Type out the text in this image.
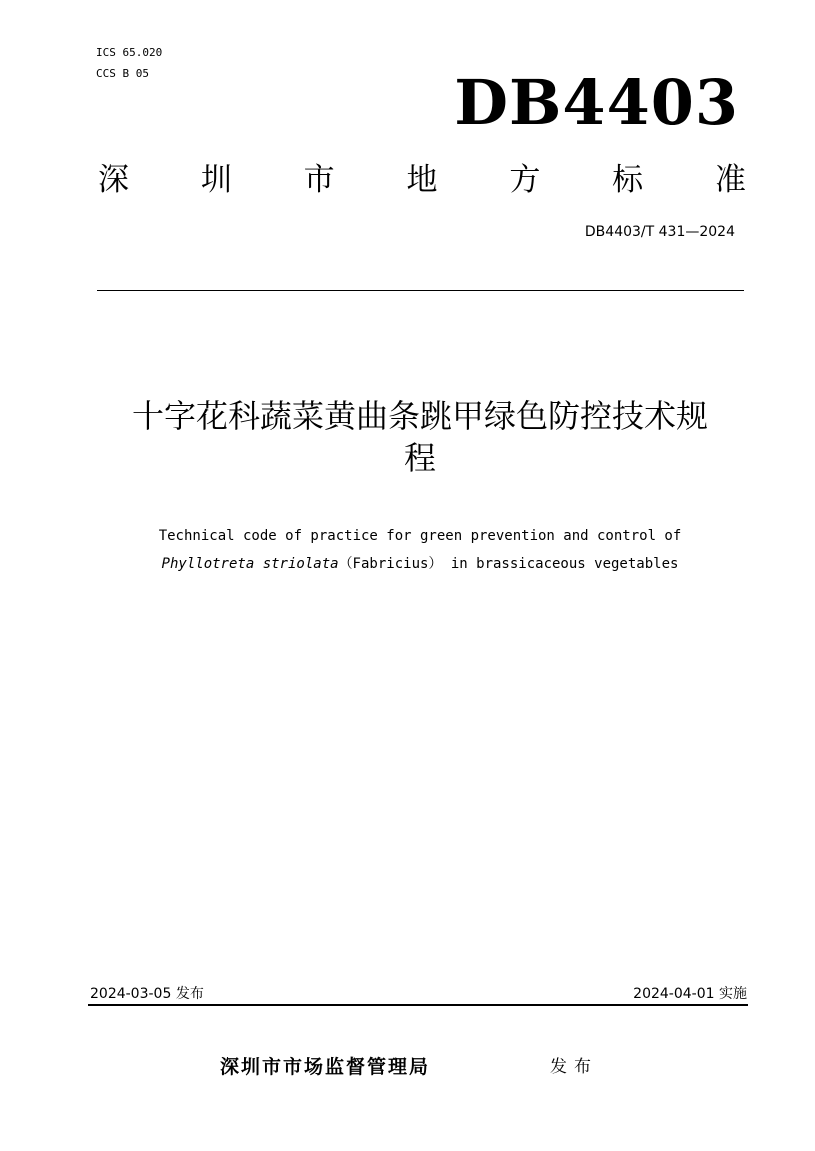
ICS 65.020
CCS B 05	DB4403
深 圳 市 地 方 标 准
DB4403/T 431—2024
十字花科蔬菜黄曲条跳甲绿色防控技术规
程
Technical code of practice for green prevention and control of
Phyllotreta striolata（Fabricius） in brassicaceous vegetables
2024-03-05 发布	2024-04-01 实施
深圳市市场监督管理局	发布
